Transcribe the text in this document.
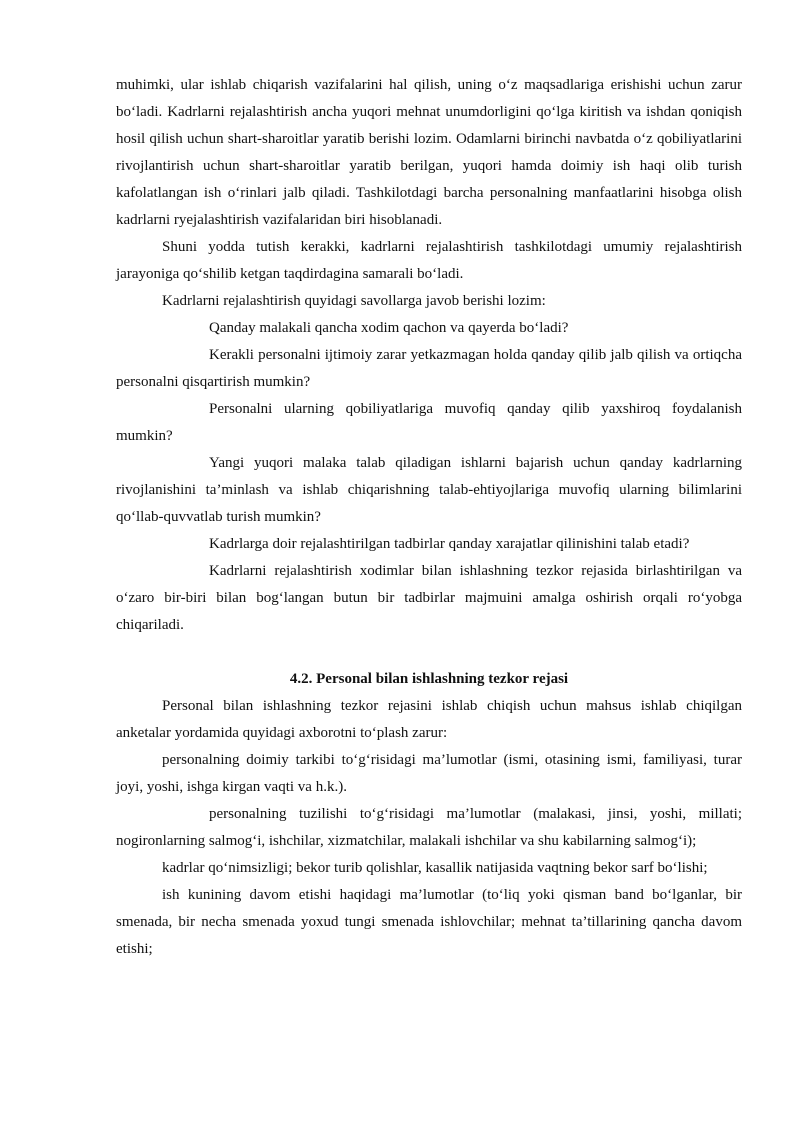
muhimki, ular ishlab chiqarish vazifalarini hal qilish, uning o‘z maqsadlariga erishishi uchun zarur bo‘ladi. Kadrlarni rejalashtirish ancha yuqori mehnat unumdorligini qo‘lga kiritish va ishdan qoniqish hosil qilish uchun shart-sharoitlar yaratib berishi lozim. Odamlarni birinchi navbatda o‘z qobiliyatlarini rivojlantirish uchun shart-sharoitlar yaratib berilgan, yuqori hamda doimiy ish haqi olib turish kafolatlangan ish o‘rinlari jalb qiladi. Tashkilotdagi barcha personalning manfaatlarini hisobga olish kadrlarni ryejalashtirish vazifalaridan biri hisoblanadi.

Shuni yodda tutish kerakki, kadrlarni rejalashtirish tashkilotdagi umumiy rejalashtirish jarayoniga qo‘shilib ketgan taqdirdagina samarali bo‘ladi.

Kadrlarni rejalashtirish quyidagi savollarga javob berishi lozim:

Qanday malakali qancha xodim qachon va qayerda bo‘ladi?

Kerakli personalni ijtimoiy zarar yetkazmagan holda qanday qilib jalb qilish va ortiqcha personalni qisqartirish mumkin?

Personalni ularning qobiliyatlariga muvofiq qanday qilib yaxshiroq foydalanish mumkin?

Yangi yuqori malaka talab qiladigan ishlarni bajarish uchun qanday kadrlarning rivojlanishini ta’minlash va ishlab chiqarishning talab-ehtiyojlariga muvofiq ularning bilimlarini qo‘llab-quvvatlab turish mumkin?

Kadrlarga doir rejalashtirilgan tadbirlar qanday xarajatlar qilinishini talab etadi?

Kadrlarni rejalashtirish xodimlar bilan ishlashning tezkor rejasida birlashtirilgan va o‘zaro bir-biri bilan bog‘langan butun bir tadbirlar majmuini amalga oshirish orqali ro‘yobga chiqariladi.

4.2. Personal bilan ishlashning tezkor rejasi

Personal bilan ishlashning tezkor rejasini ishlab chiqish uchun mahsus ishlab chiqilgan anketalar yordamida quyidagi axborotni to‘plash zarur:

personalning doimiy tarkibi to‘g‘risidagi ma’lumotlar (ismi, otasining ismi, familiyasi, turar joyi, yoshi, ishga kirgan vaqti va h.k.).

personalning tuzilishi to‘g‘risidagi ma’lumotlar (malakasi, jinsi, yoshi, millati; nogironlarning salmog‘i, ishchilar, xizmatchilar, malakali ishchilar va shu kabilarning salmog‘i);

kadrlar qo‘nimsizligi; bekor turib qolishlar, kasallik natijasida vaqtning bekor sarf bo‘lishi;

ish kunining davom etishi haqidagi ma’lumotlar (to‘liq yoki qisman band bo‘lganlar, bir smenada, bir necha smenada yoxud tungi smenada ishlovchilar; mehnat ta’tillarining qancha davom etishi;
